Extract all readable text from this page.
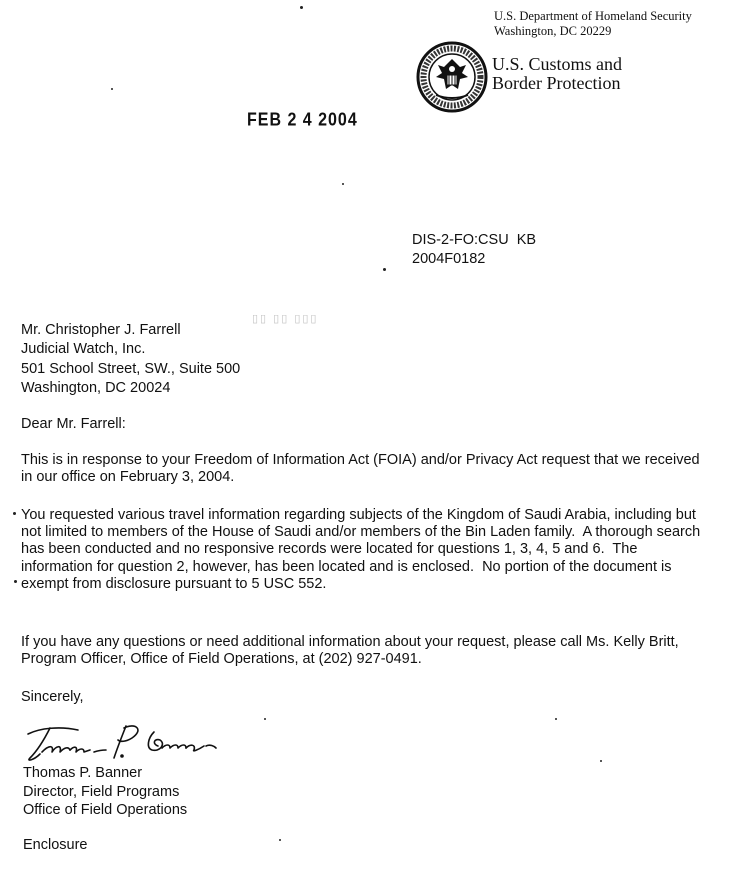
U.S. Department of Homeland Security
Washington, DC 20229
U.S. Customs and
Border Protection
FEB 2 4 2004
DIS-2-FO:CSU  KB
2004F0182
▯▯ ▯▯ ▯▯▯
Mr. Christopher J. Farrell
Judicial Watch, Inc.
501 School Street, SW., Suite 500
Washington, DC 20024
Dear Mr. Farrell:
This is in response to your Freedom of Information Act (FOIA) and/or Privacy Act request that we received in our office on February 3, 2004.
You requested various travel information regarding subjects of the Kingdom of Saudi Arabia, including but not limited to members of the House of Saudi and/or members of the Bin Laden family.  A thorough search has been conducted and no responsive records were located for questions 1, 3, 4, 5 and 6.  The information for question 2, however, has been located and is enclosed.  No portion of the document is exempt from disclosure pursuant to 5 USC 552.
If you have any questions or need additional information about your request, please call Ms. Kelly Britt, Program Officer, Office of Field Operations, at (202) 927-0491.
Sincerely,
Thomas P. Banner
Director, Field Programs
Office of Field Operations
Enclosure
